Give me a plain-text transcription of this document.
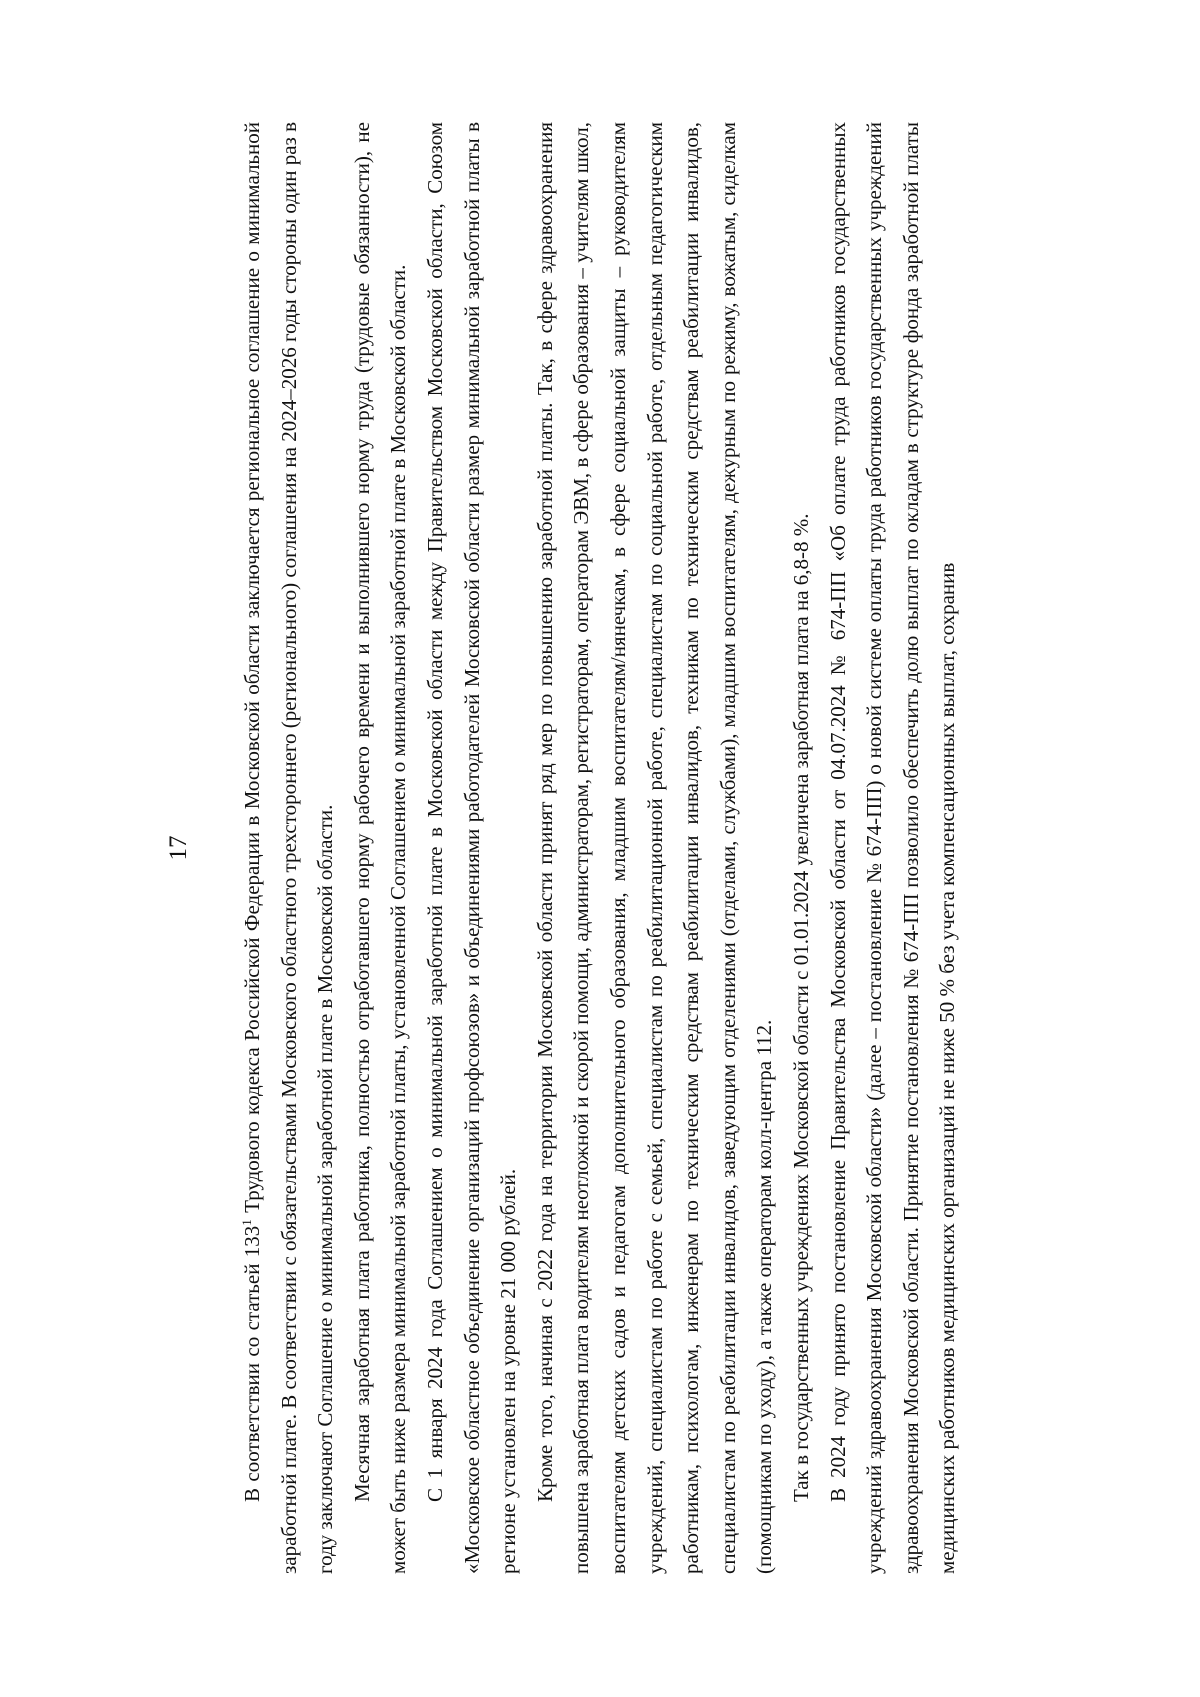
17

В соответствии со статьей $133^1$ Трудового кодекса Российской Федерации в Московской области заключается региональное соглашение о минимальной заработной плате. В соответствии с обязательствами Московского областного трехстороннего (регионального) соглашения на 2024–2026 годы стороны один раз в году заключают Соглашение о минимальной заработной плате в Московской области. Месячная заработная плата работника, полностью отработавшего норму рабочего времени и выполнившего норму труда (трудовые обязанности), не может быть ниже размера минимальной заработной платы, установленной Соглашением о минимальной заработной плате в Московской области. С 1 января 2024 года Соглашением о минимальной заработной плате в Московской области между Правительством Московской области, Союзом «Московское областное объединение организаций профсоюзов» и объединениями работодателей Московской области размер минимальной заработной платы в регионе установлен на уровне 21 000 рублей. Кроме того, начиная с 2022 года на территории Московской области принят ряд мер по повышению заработной платы. Так, в сфере здравоохранения повышена заработная плата водителям неотложной и скорой помощи, администраторам, регистраторам, операторам ЭВМ, в сфере образования – учителям школ, воспитателям детских садов и педагогам дополнительного образования, младшим воспитателям/нянечкам, в сфере социальной защиты – руководителям учреждений, специалистам по работе с семьей, специалистам по реабилитационной работе, специалистам по социальной работе, отдельным педагогическим работникам, психологам, инженерам по техническим средствам реабилитации инвалидов, техникам по техническим средствам реабилитации инвалидов, специалистам по реабилитации инвалидов, заведующим отделениями (отделами, службами), младшим воспитателям, дежурным по режиму, вожатым, сиделкам (помощникам по уходу), а также операторам колл-центра 112. Так в государственных учреждениях Московской области с 01.01.2024 увеличена заработная плата на 6,8-8 %. В 2024 году принято постановление Правительства Московской области от 04.07.2024 № 674-ПП «Об оплате труда работников государственных учреждений здравоохранения Московской области» (далее – постановление № 674-ПП) о новой системе оплаты труда работников государственных учреждений здравоохранения Московской области. Принятие постановления № 674-ПП позволило обеспечить долю выплат по окладам в структуре фонда заработной платы медицинских работников медицинских организаций не ниже 50 % без учета компенсационных выплат, сохранив
